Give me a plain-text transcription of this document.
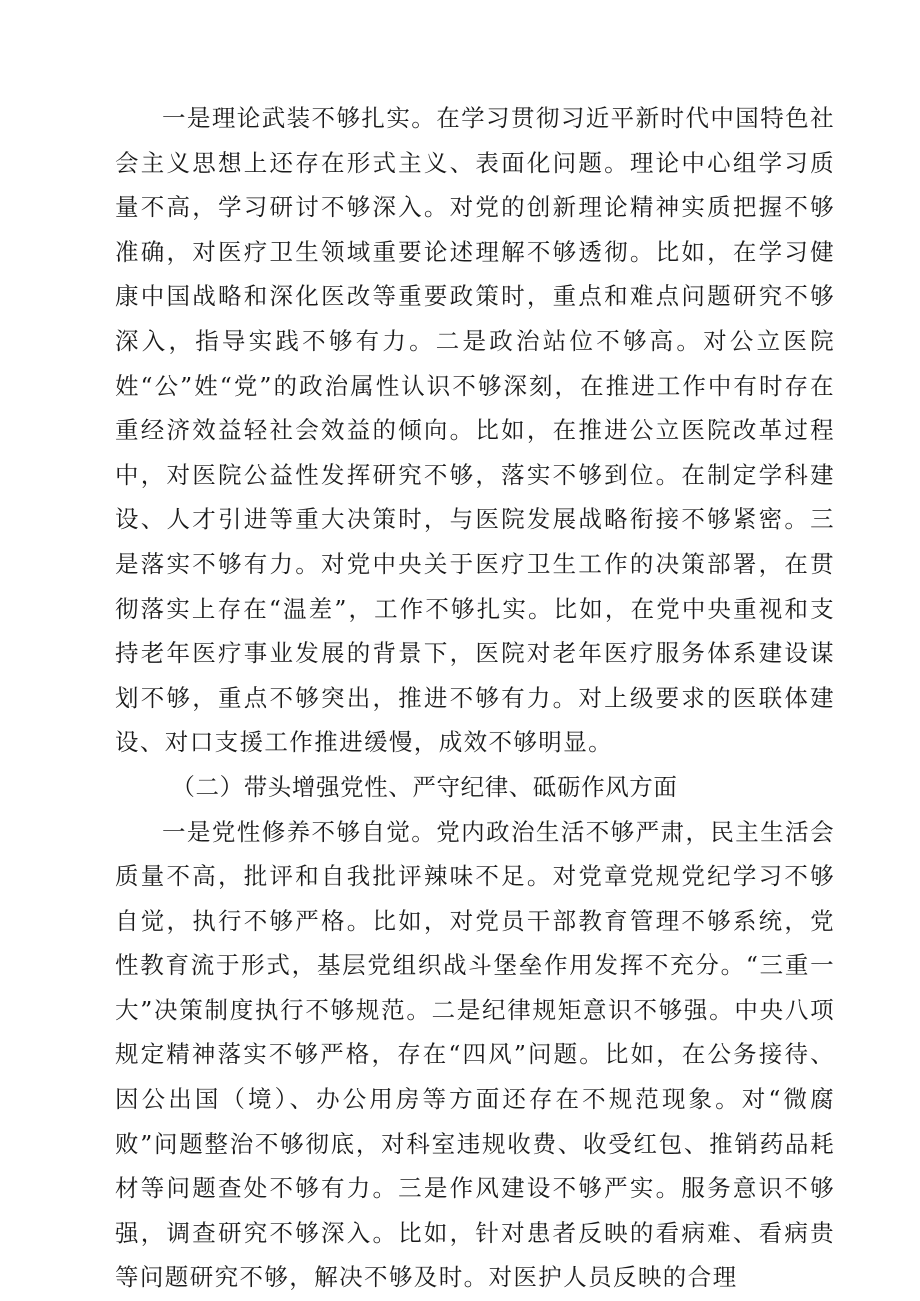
一是理论武装不够扎实。在学习贯彻习近平新时代中国特色社会主义思想上还存在形式主义、表面化问题。理论中心组学习质量不高，学习研讨不够深入。对党的创新理论精神实质把握不够准确，对医疗卫生领域重要论述理解不够透彻。比如，在学习健康中国战略和深化医改等重要政策时，重点和难点问题研究不够深入，指导实践不够有力。二是政治站位不够高。对公立医院姓“公”姓“党”的政治属性认识不够深刻，在推进工作中有时存在重经济效益轻社会效益的倾向。比如，在推进公立医院改革过程中，对医院公益性发挥研究不够，落实不够到位。在制定学科建设、人才引进等重大决策时，与医院发展战略衔接不够紧密。三是落实不够有力。对党中央关于医疗卫生工作的决策部署，在贯彻落实上存在“温差”，工作不够扎实。比如，在党中央重视和支持老年医疗事业发展的背景下，医院对老年医疗服务体系建设谋划不够，重点不够突出，推进不够有力。对上级要求的医联体建设、对口支援工作推进缓慢，成效不够明显。

（二）带头增强党性、严守纪律、砥砺作风方面

一是党性修养不够自觉。党内政治生活不够严肃，民主生活会质量不高，批评和自我批评辣味不足。对党章党规党纪学习不够自觉，执行不够严格。比如，对党员干部教育管理不够系统，党性教育流于形式，基层党组织战斗堡垒作用发挥不充分。“三重一大”决策制度执行不够规范。二是纪律规矩意识不够强。中央八项规定精神落实不够严格，存在“四风”问题。比如，在公务接待、因公出国（境）、办公用房等方面还存在不规范现象。对“微腐败”问题整治不够彻底，对科室违规收费、收受红包、推销药品耗材等问题查处不够有力。三是作风建设不够严实。服务意识不够强，调查研究不够深入。比如，针对患者反映的看病难、看病贵等问题研究不够，解决不够及时。对医护人员反映的合理
